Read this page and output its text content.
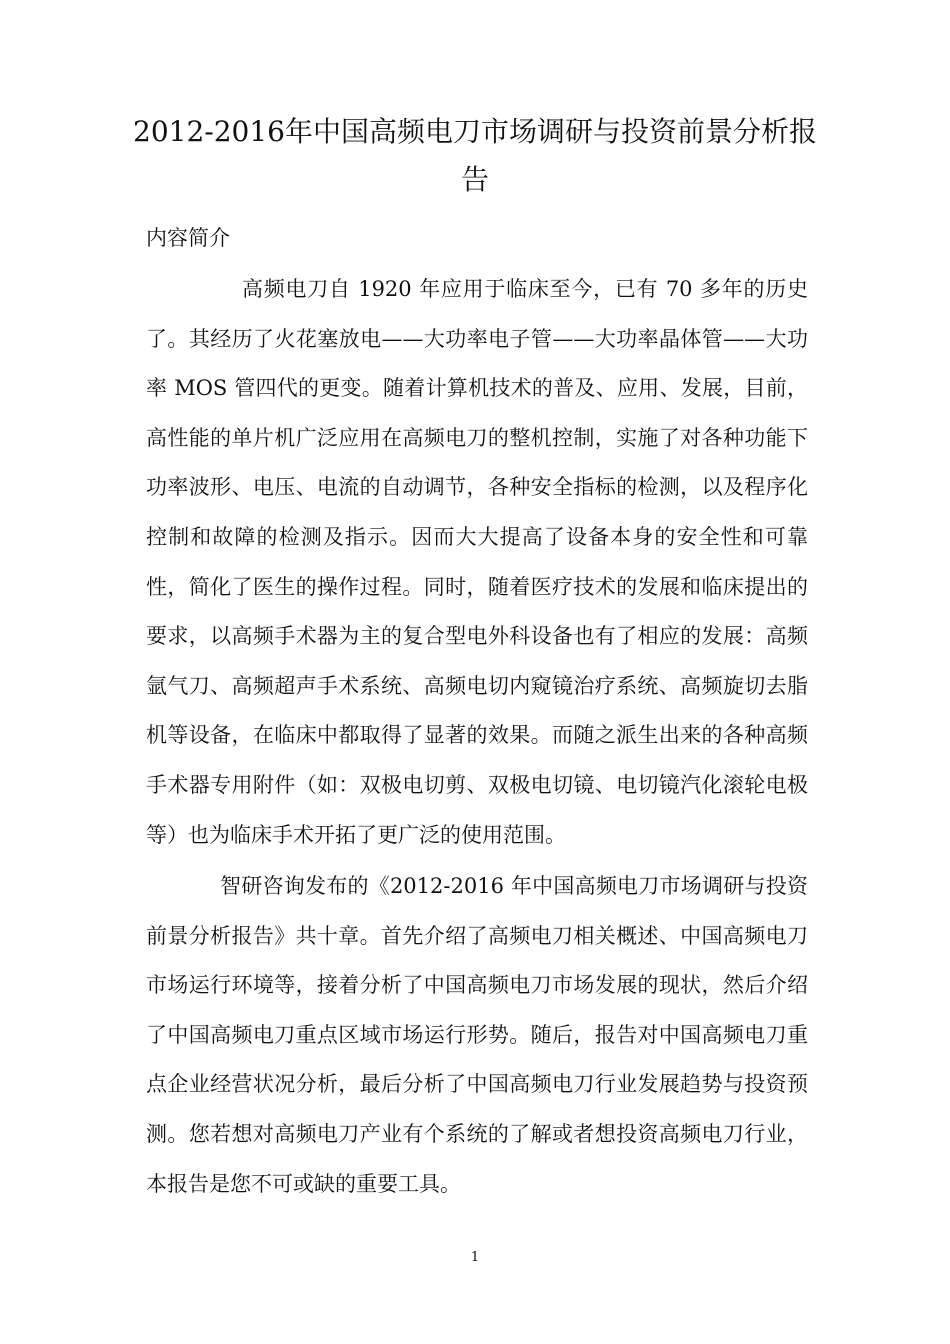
2012-2016年中国高频电刀市场调研与投资前景分析报告

内容简介

高频电刀自 1920 年应用于临床至今，已有 70 多年的历史了。其经历了火花塞放电——大功率电子管——大功率晶体管——大功率 MOS 管四代的更变。随着计算机技术的普及、应用、发展，目前，高性能的单片机广泛应用在高频电刀的整机控制，实施了对各种功能下功率波形、电压、电流的自动调节，各种安全指标的检测，以及程序化控制和故障的检测及指示。因而大大提高了设备本身的安全性和可靠性，简化了医生的操作过程。同时，随着医疗技术的发展和临床提出的要求，以高频手术器为主的复合型电外科设备也有了相应的发展：高频氩气刀、高频超声手术系统、高频电切内窥镜治疗系统、高频旋切去脂机等设备，在临床中都取得了显著的效果。而随之派生出来的各种高频手术器专用附件（如：双极电切剪、双极电切镜、电切镜汽化滚轮电极等）也为临床手术开拓了更广泛的使用范围。

智研咨询发布的《2012-2016 年中国高频电刀市场调研与投资前景分析报告》共十章。首先介绍了高频电刀相关概述、中国高频电刀市场运行环境等，接着分析了中国高频电刀市场发展的现状，然后介绍了中国高频电刀重点区域市场运行形势。随后，报告对中国高频电刀重点企业经营状况分析，最后分析了中国高频电刀行业发展趋势与投资预测。您若想对高频电刀产业有个系统的了解或者想投资高频电刀行业，本报告是您不可或缺的重要工具。

1
